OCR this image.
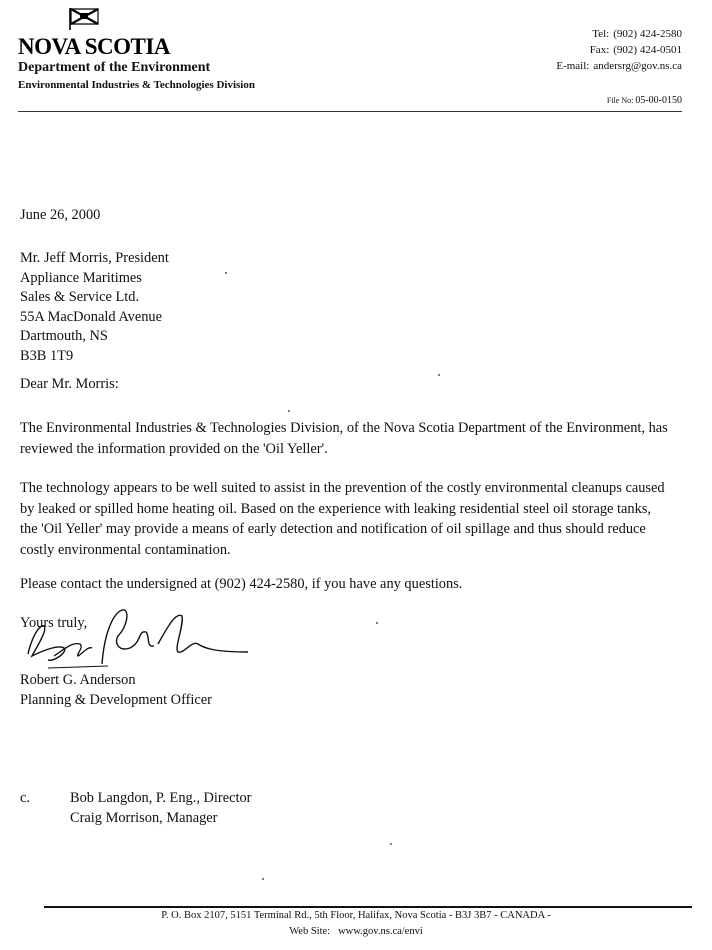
NOVA SCOTIA
Department of the Environment
Environmental Industries & Technologies Division
Tel: (902) 424-2580
Fax: (902) 424-0501
E-mail: andersrg@gov.ns.ca
File No: 05-00-0150
June 26, 2000
Mr. Jeff Morris, President
Appliance Maritimes
Sales & Service Ltd.
55A MacDonald Avenue
Dartmouth, NS
B3B 1T9
Dear Mr. Morris:
The Environmental Industries & Technologies Division, of the Nova Scotia Department of the Environment, has reviewed the information provided on the 'Oil Yeller'.
The technology appears to be well suited to assist in the prevention of the costly environmental cleanups caused by leaked or spilled home heating oil. Based on the experience with leaking residential steel oil storage tanks, the 'Oil Yeller' may provide a means of early detection and notification of oil spillage and thus should reduce costly environmental contamination.
Please contact the undersigned at (902) 424-2580, if you have any questions.
Yours truly,
Robert G. Anderson
Planning & Development Officer
c.	Bob Langdon, P. Eng., Director
Craig Morrison, Manager
P. O. Box 2107, 5151 Terminal Rd., 5th Floor, Halifax, Nova Scotia - B3J 3B7 - CANADA -
Web Site: www.gov.ns.ca/envi
